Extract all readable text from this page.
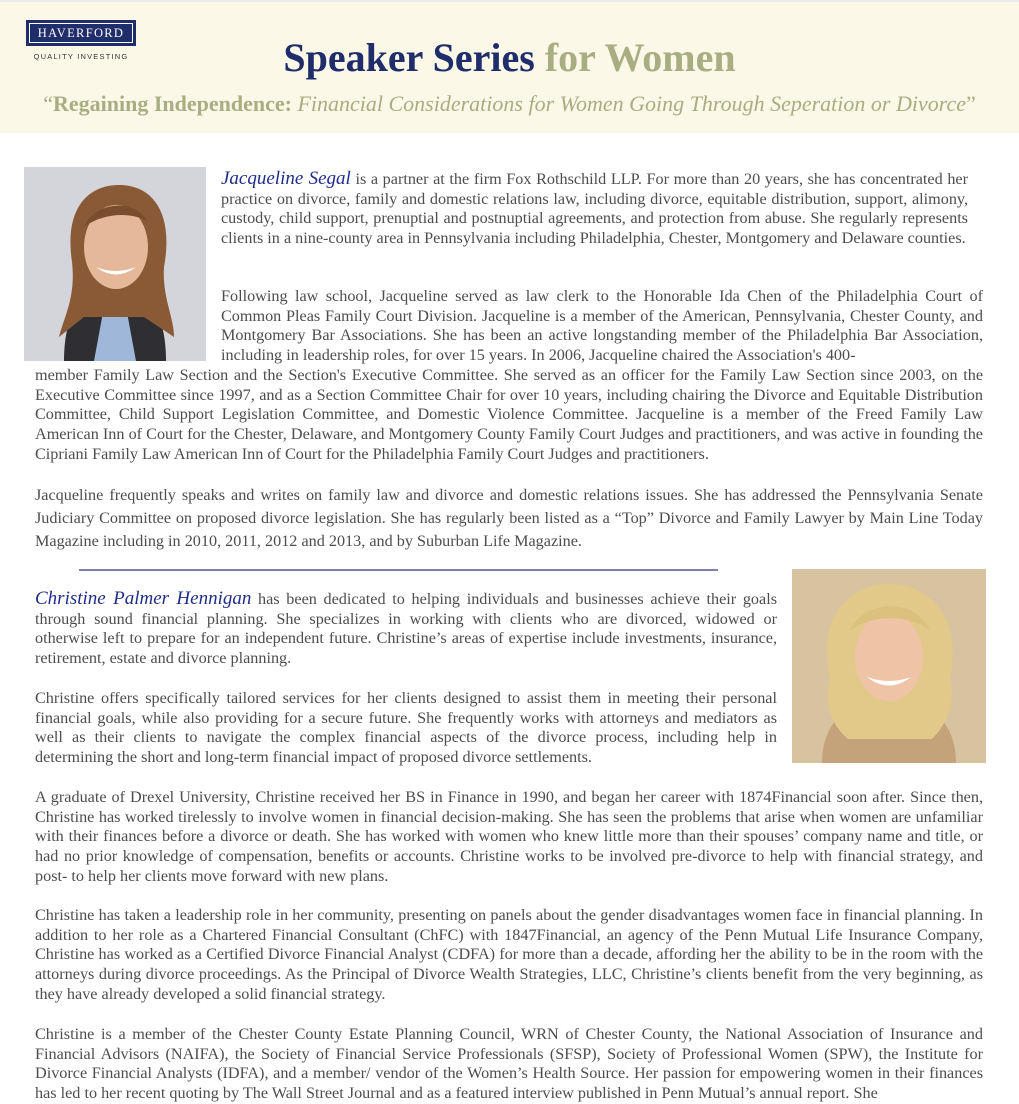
HAVERFORD
QUALITY INVESTING	Speaker Series for Women
“Regaining Independence: Financial Considerations for Women Going Through Seperation or Divorce”

Jacqueline Segal is a partner at the firm Fox Rothschild LLP. For more than 20 years, she has concentrated her practice on divorce, family and domestic relations law, including divorce, equitable distribution, support, alimony, custody, child support, prenuptial and postnuptial agreements, and protection from abuse. She regularly represents clients in a nine-county area in Pennsylvania including Philadelphia, Chester, Montgomery and Delaware counties.

Following law school, Jacqueline served as law clerk to the Honorable Ida Chen of the Philadelphia Court of Common Pleas Family Court Division. Jacqueline is a member of the American, Pennsylvania, Chester County, and Montgomery Bar Associations. She has been an active longstanding member of the Philadelphia Bar Association, including in leadership roles, for over 15 years. In 2006, Jacqueline chaired the Association's 400-

member Family Law Section and the Section's Executive Committee. She served as an officer for the Family Law Section since 2003, on the Executive Committee since 1997, and as a Section Committee Chair for over 10 years, including chairing the Divorce and Equitable Distribution Committee, Child Support Legislation Committee, and Domestic Violence Committee. Jacqueline is a member of the Freed Family Law American Inn of Court for the Chester, Delaware, and Montgomery County Family Court Judges and practitioners, and was active in founding the Cipriani Family Law American Inn of Court for the Philadelphia Family Court Judges and practitioners.

Jacqueline frequently speaks and writes on family law and divorce and domestic relations issues. She has addressed the Pennsylvania Senate Judiciary Committee on proposed divorce legislation. She has regularly been listed as a “Top” Divorce and Family Lawyer by Main Line Today Magazine including in 2010, 2011, 2012 and 2013, and by Suburban Life Magazine.

Christine Palmer Hennigan has been dedicated to helping individuals and businesses achieve their goals through sound financial planning. She specializes in working with clients who are divorced, widowed or otherwise left to prepare for an independent future. Christine’s areas of expertise include investments, insurance, retirement, estate and divorce planning.

Christine offers specifically tailored services for her clients designed to assist them in meeting their personal financial goals, while also providing for a secure future. She frequently works with attorneys and mediators as well as their clients to navigate the complex financial aspects of the divorce process, including help in determining the short and long-term financial impact of proposed divorce settlements.

A graduate of Drexel University, Christine received her BS in Finance in 1990, and began her career with 1874Financial soon after. Since then, Christine has worked tirelessly to involve women in financial decision-making. She has seen the problems that arise when women are unfamiliar with their finances before a divorce or death. She has worked with women who knew little more than their spouses’ company name and title, or had no prior knowledge of compensation, benefits or accounts. Christine works to be involved pre-divorce to help with financial strategy, and post- to help her clients move forward with new plans.

Christine has taken a leadership role in her community, presenting on panels about the gender disadvantages women face in financial planning. In addition to her role as a Chartered Financial Consultant (ChFC) with 1847Financial, an agency of the Penn Mutual Life Insurance Company, Christine has worked as a Certified Divorce Financial Analyst (CDFA) for more than a decade, affording her the ability to be in the room with the attorneys during divorce proceedings. As the Principal of Divorce Wealth Strategies, LLC, Christine’s clients benefit from the very beginning, as they have already developed a solid financial strategy.

Christine is a member of the Chester County Estate Planning Council, WRN of Chester County, the National Association of Insurance and Financial Advisors (NAIFA), the Society of Financial Service Professionals (SFSP), Society of Professional Women (SPW), the Institute for Divorce Financial Analysts (IDFA), and a member/ vendor of the Women’s Health Source. Her passion for empowering women in their finances has led to her recent quoting by The Wall Street Journal and as a featured interview published in Penn Mutual’s annual report. She
